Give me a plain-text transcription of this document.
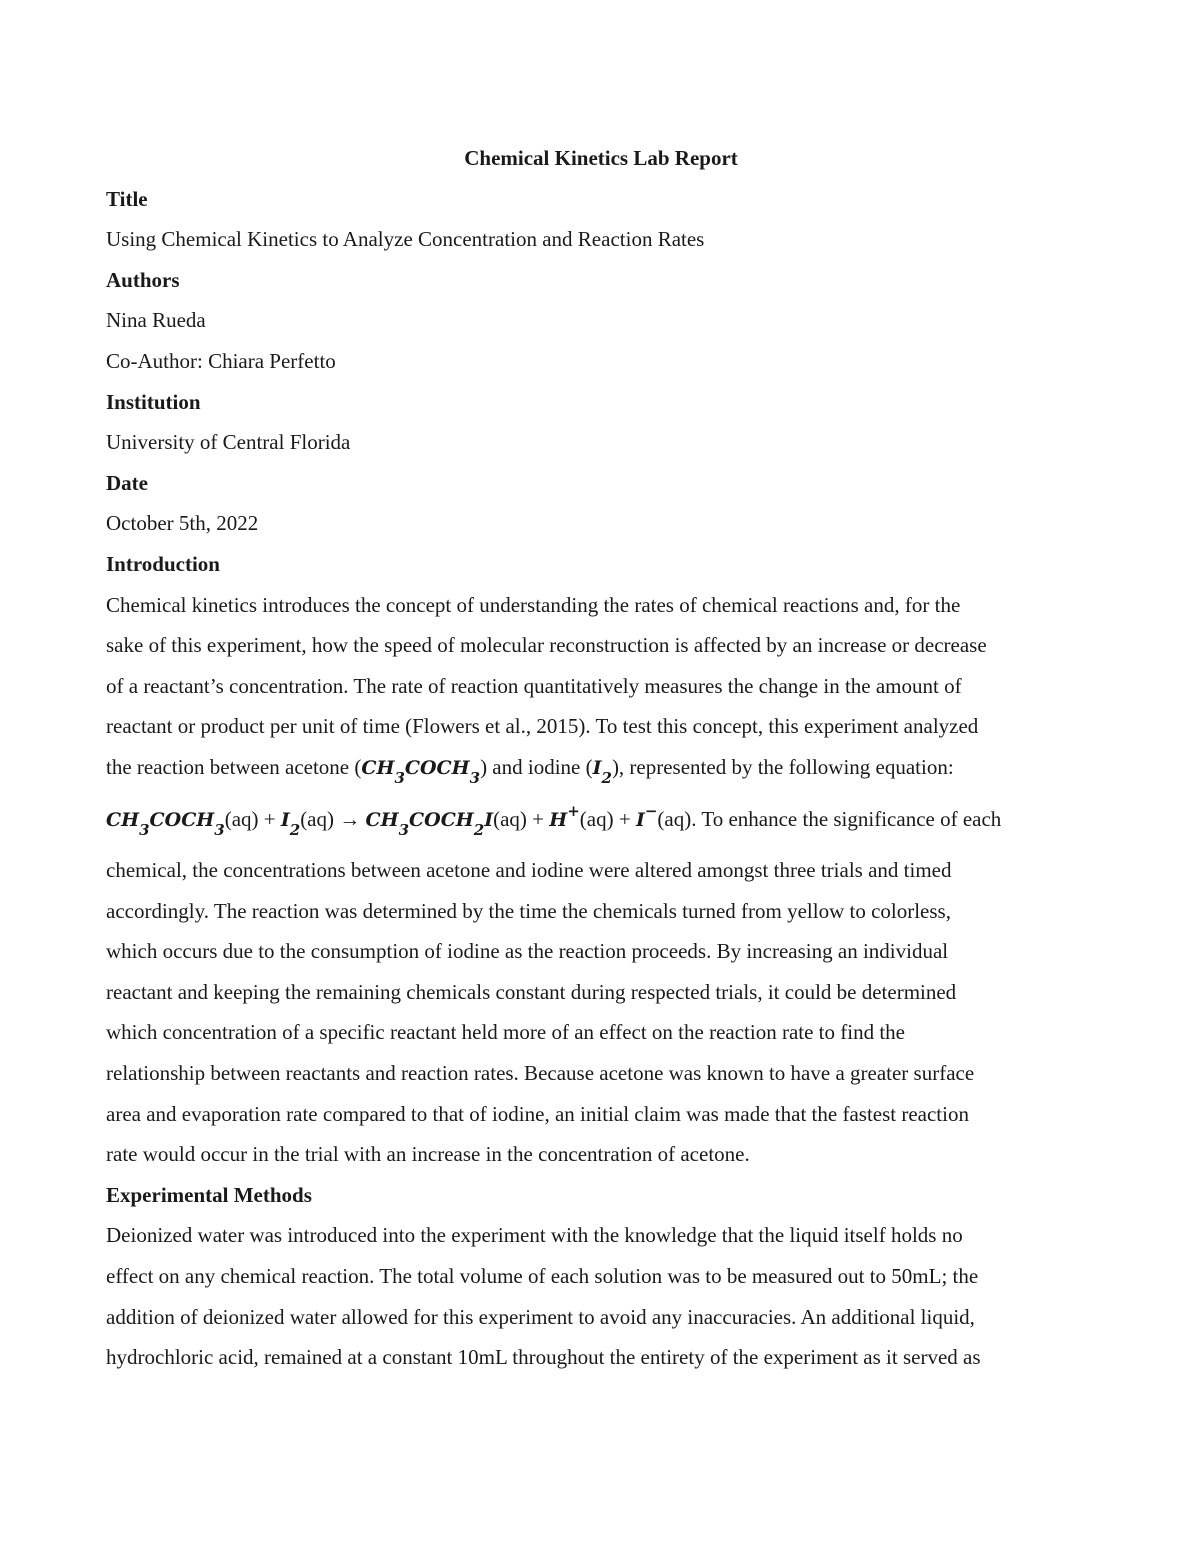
Chemical Kinetics Lab Report

Title

Using Chemical Kinetics to Analyze Concentration and Reaction Rates

Authors

Nina Rueda

Co-Author: Chiara Perfetto

Institution

University of Central Florida

Date

October 5th, 2022

Introduction

Chemical kinetics introduces the concept of understanding the rates of chemical reactions and, for the
sake of this experiment, how the speed of molecular reconstruction is affected by an increase or decrease
of a reactant’s concentration. The rate of reaction quantitatively measures the change in the amount of
reactant or product per unit of time (Flowers et al., 2015). To test this concept, this experiment analyzed
the reaction between acetone $(CH_3COCH_3)$ and iodine $(I_2)$, represented by the following equation:
$CH_3COCH_3(aq) + I_2(aq)$ → $CH_3COCH_2I(aq) + H^+(aq) + I^-(aq)$. To enhance the significance of each
chemical, the concentrations between acetone and iodine were altered amongst three trials and timed
accordingly. The reaction was determined by the time the chemicals turned from yellow to colorless,
which occurs due to the consumption of iodine as the reaction proceeds. By increasing an individual
reactant and keeping the remaining chemicals constant during respected trials, it could be determined
which concentration of a specific reactant held more of an effect on the reaction rate to find the
relationship between reactants and reaction rates. Because acetone was known to have a greater surface
area and evaporation rate compared to that of iodine, an initial claim was made that the fastest reaction
rate would occur in the trial with an increase in the concentration of acetone.

Experimental Methods

Deionized water was introduced into the experiment with the knowledge that the liquid itself holds no
effect on any chemical reaction. The total volume of each solution was to be measured out to 50mL; the
addition of deionized water allowed for this experiment to avoid any inaccuracies. An additional liquid,
hydrochloric acid, remained at a constant 10mL throughout the entirety of the experiment as it served as
